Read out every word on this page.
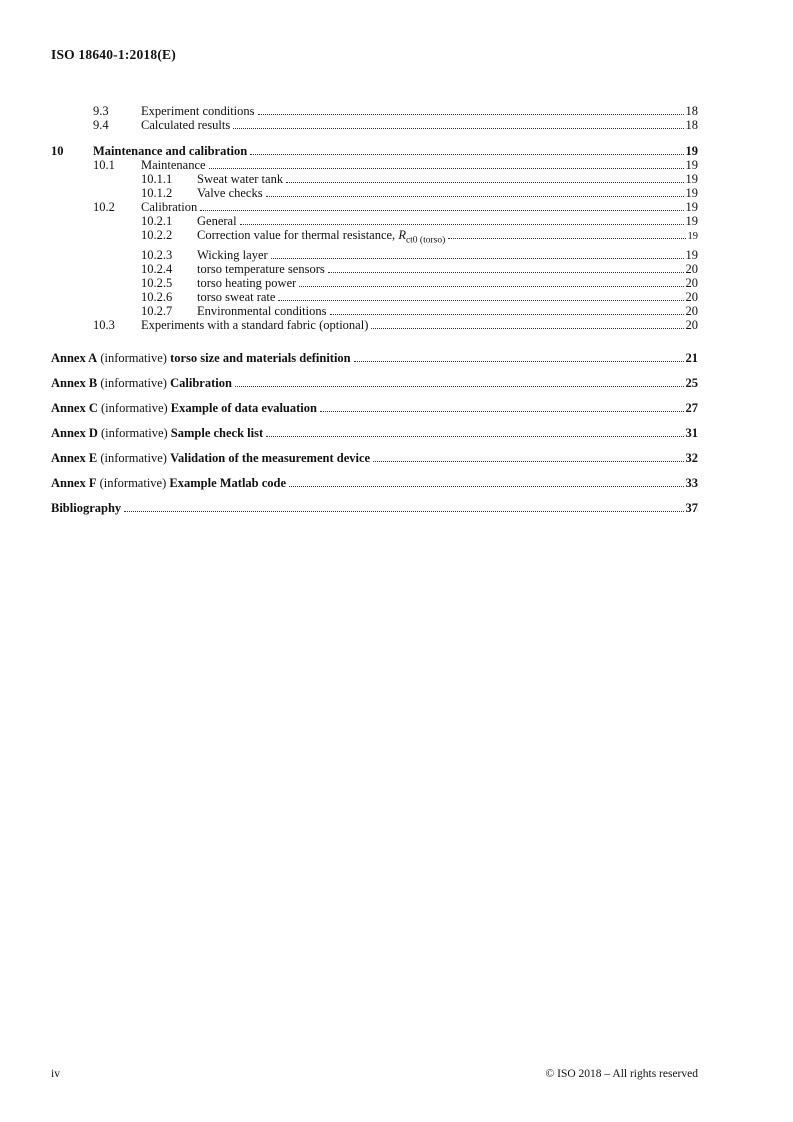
ISO 18640-1:2018(E)
9.3	Experiment conditions	18
9.4	Calculated results	18
10	Maintenance and calibration	19
10.1	Maintenance	19
10.1.1	Sweat water tank	19
10.1.2	Valve checks	19
10.2	Calibration	19
10.2.1	General	19
10.2.2	Correction value for thermal resistance, $R_{ct0 (torso)}$	19
10.2.3	Wicking layer	19
10.2.4	torso temperature sensors	20
10.2.5	torso heating power	20
10.2.6	torso sweat rate	20
10.2.7	Environmental conditions	20
10.3	Experiments with a standard fabric (optional)	20
Annex A (informative) torso size and materials definition	21
Annex B (informative) Calibration	25
Annex C (informative) Example of data evaluation	27
Annex D (informative) Sample check list	31
Annex E (informative) Validation of the measurement device	32
Annex F (informative) Example Matlab code	33
Bibliography	37
iv	© ISO 2018 – All rights reserved
